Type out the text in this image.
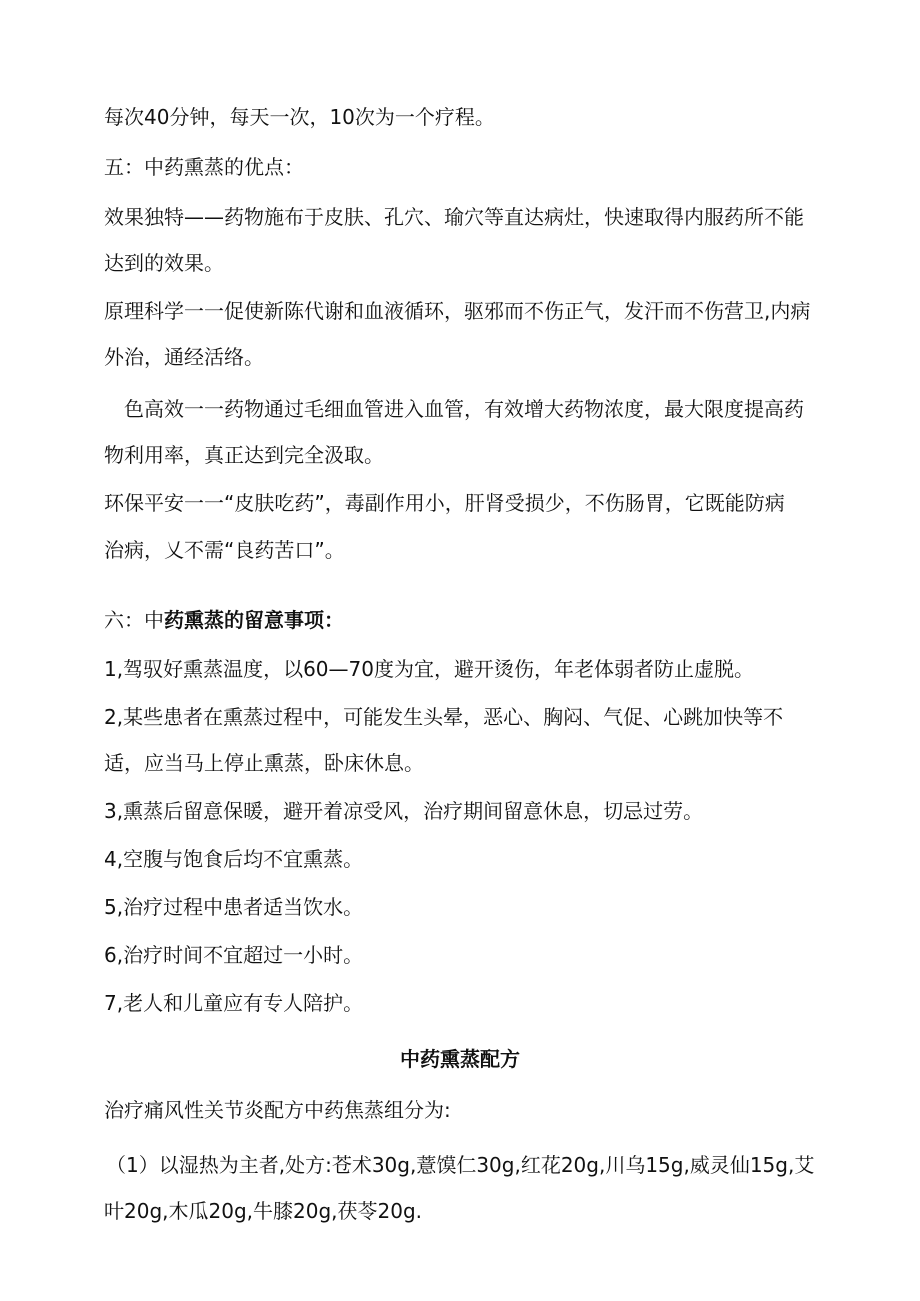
每次40分钟，每天一次，10次为一个疗程。
五：中药熏蒸的优点：
效果独特——药物施布于皮肤、孔穴、瑜穴等直达病灶，快速取得内服药所不能
达到的效果。
原理科学一一促使新陈代谢和血液循环，驱邪而不伤正气，发汗而不伤营卫,内病
外治，通经活络。
色高效一一药物通过毛细血管进入血管，有效增大药物浓度，最大限度提高药
物利用率，真正达到完全汲取。
环保平安一一“皮肤吃药”，毒副作用小，肝肾受损少，不伤肠胃，它既能防病
治病，乂不需“良药苦口”。
六：中药熏蒸的留意事项：
1,驾驭好熏蒸温度，以60—70度为宜，避开烫伤，年老体弱者防止虚脱。
2,某些患者在熏蒸过程中，可能发生头晕，恶心、胸闷、气促、心跳加快等不
适，应当马上停止熏蒸，卧床休息。
3,熏蒸后留意保暖，避开着凉受风，治疗期间留意休息，切忌过劳。
4,空腹与饱食后均不宜熏蒸。
5,治疗过程中患者适当饮水。
6,治疗时间不宜超过一小时。
7,老人和儿童应有专人陪护。
中药熏蒸配方
治疗痛风性关节炎配方中药焦蒸组分为:
（1）以湿热为主者,处方:苍术30g,薏馍仁30g,红花20g,川乌15g,威灵仙15g,艾
叶20g,木瓜20g,牛膝20g,茯苓20g.
